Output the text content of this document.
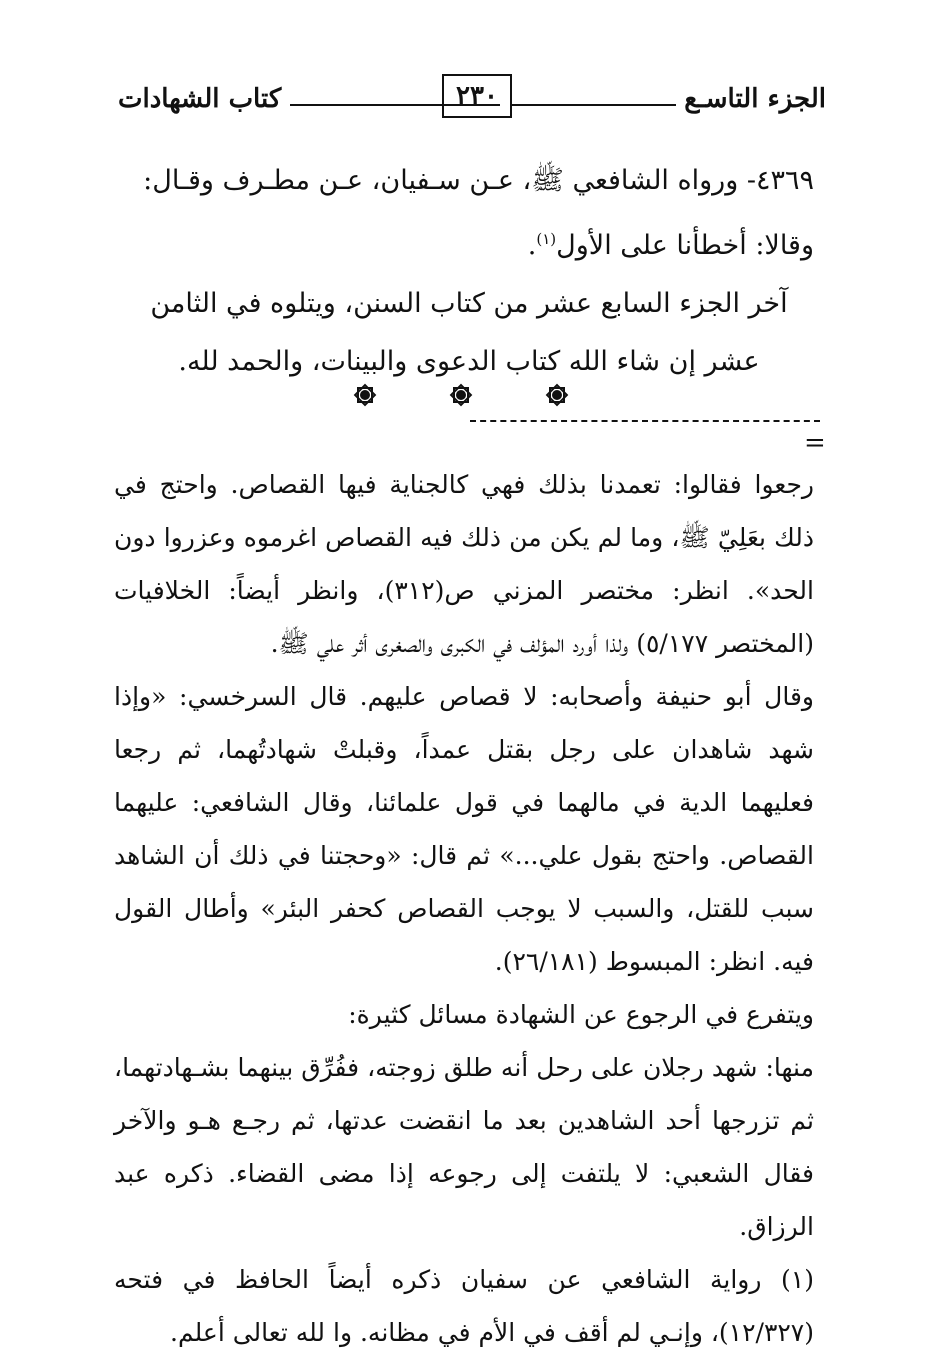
الجزء التاسـع
٢٣٠
كتاب الشهادات

٤٣٦٩- ورواه الشافعي ﷺ، عـن سـفيان، عـن مطـرف وقـال:
وقالا: أخطأنا على الأول$^{(١)}$.

آخر الجزء السابع عشر من كتاب السنن، ويتلوه في الثامن عشر إن شاء الله كتاب الدعوى والبينات، والحمد لله.

=

رجعوا فقالوا: تعمدنا بذلك فهي كالجناية فيها القصاص. واحتج في ذلك بعَلِيّ ﷺ، وما لم يكن من ذلك فيه القصاص اغرموه وعزروا دون الحد». انظر: مختصر المزني ص(٣١٢)، وانظر أيضاً: الخلافيات (المختصر ٥/١٧٧) ولذا أورد المؤلف في الكبرى والصغرى أثر علي ﷺ.

وقال أبو حنيفة وأصحابه: لا قصاص عليهم. قال السرخسي: «وإذا شهد شاهدان على رجل بقتل عمداً، وقبلتْ شهادتُهما، ثم رجعا فعليهما الدية في مالهما في قول علمائنا، وقال الشافعي: عليهما القصاص. واحتج بقول علي...» ثم قال: «وحجتنا في ذلك أن الشاهد سبب للقتل، والسبب لا يوجب القصاص كحفر البئر» وأطال القول فيه. انظر: المبسوط (٢٦/١٨١).

ويتفرع في الرجوع عن الشهادة مسائل كثيرة:

منها: شهد رجلان على رحل أنه طلق زوجته، ففُرِّق بينهما بشـهادتهما، ثم تزرجها أحد الشاهدين بعد ما انقضت عدتها، ثم رجـع هـو والآخر فقال الشعبي: لا يلتفت إلى رجوعه إذا مضى القضاء. ذكره عبد الرزاق.

(١) رواية الشافعي عن سفيان ذكره أيضاً الحافظ في فتحه (١٢/٣٢٧)، وإنـي لم أقف في الأم في مظانه. وا لله تعالى أعلم.
